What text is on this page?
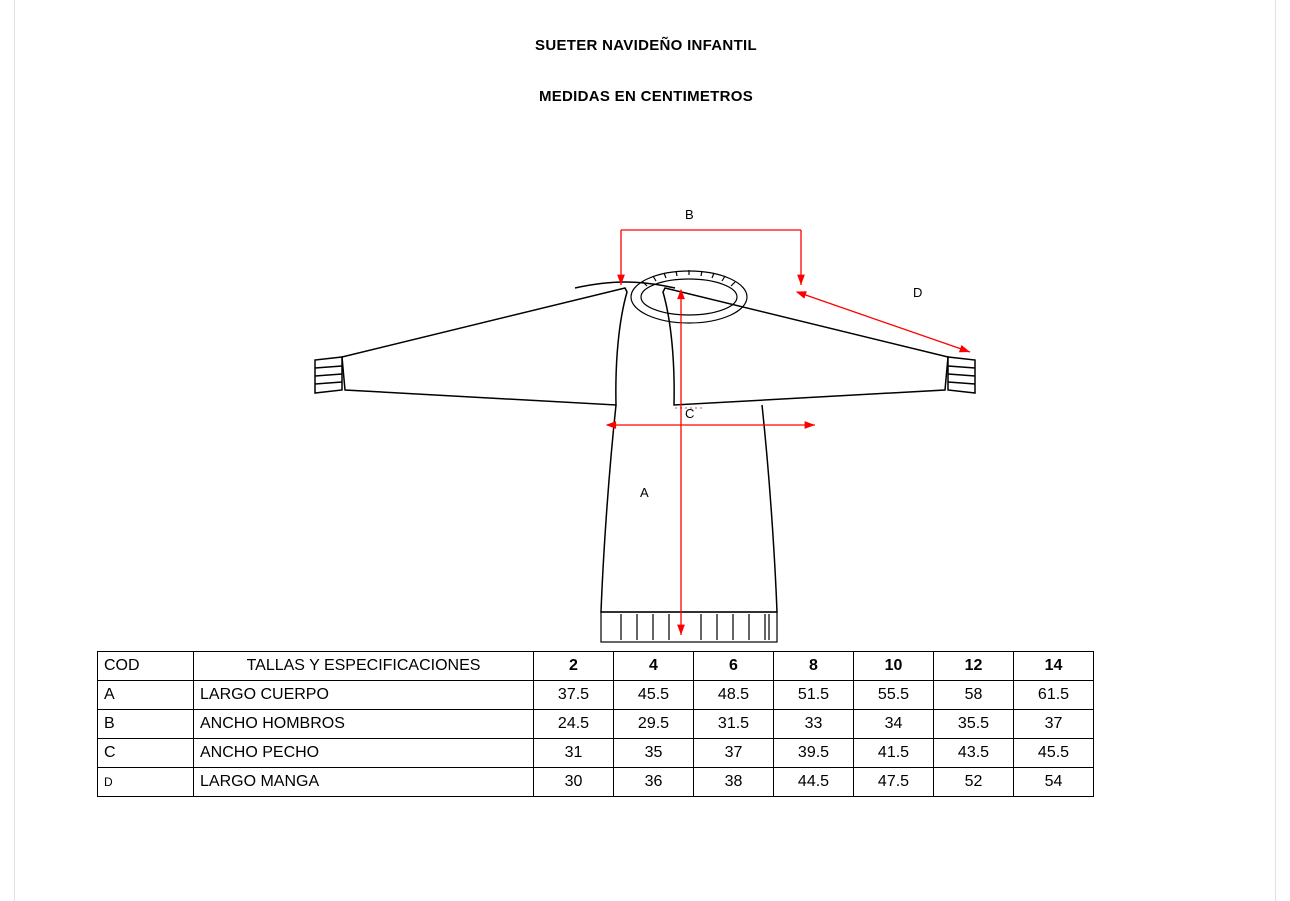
SUETER NAVIDEÑO INFANTIL
MEDIDAS EN CENTIMETROS
B
A
C
D
COD	TALLAS Y ESPECIFICACIONES	2	4	6	8	10	12	14
A	LARGO CUERPO	37.5	45.5	48.5	51.5	55.5	58	61.5
B	ANCHO HOMBROS	24.5	29.5	31.5	33	34	35.5	37
C	ANCHO PECHO	31	35	37	39.5	41.5	43.5	45.5
D	LARGO MANGA	30	36	38	44.5	47.5	52	54
